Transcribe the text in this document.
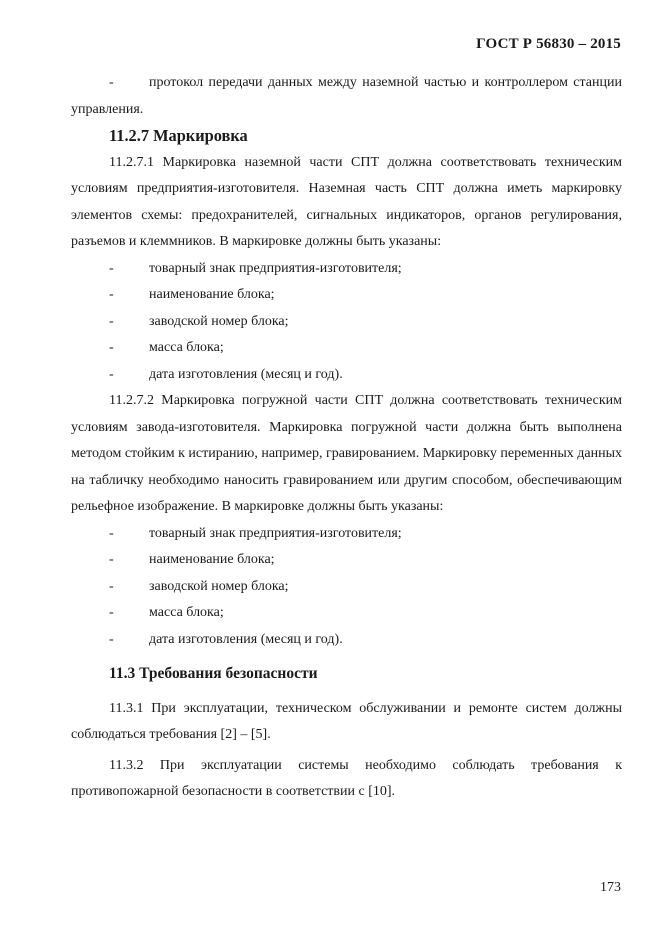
ГОСТ Р 56830 – 2015

-	протокол передачи данных между наземной частью и контроллером станции управления.

11.2.7 Маркировка

11.2.7.1 Маркировка наземной части СПТ должна соответствовать техническим условиям предприятия-изготовителя. Наземная часть СПТ должна иметь маркировку элементов схемы: предохранителей, сигнальных индикаторов, органов регулирования, разъемов и клеммников. В маркировке должны быть указаны:

-	товарный знак предприятия-изготовителя;
-	наименование блока;
-	заводской номер блока;
-	масса блока;
-	дата изготовления (месяц и год).

11.2.7.2 Маркировка погружной части СПТ должна соответствовать техническим условиям завода-изготовителя. Маркировка погружной части должна быть выполнена методом стойким к истиранию, например, гравированием. Маркировку переменных данных на табличку необходимо наносить гравированием или другим способом, обеспечивающим рельефное изображение. В маркировке должны быть указаны:

-	товарный знак предприятия-изготовителя;
-	наименование блока;
-	заводской номер блока;
-	масса блока;
-	дата изготовления (месяц и год).
11.3 Требования безопасности

11.3.1 При эксплуатации, техническом обслуживании и ремонте систем должны соблюдаться требования [2] – [5].

11.3.2 При эксплуатации системы необходимо соблюдать требования к противопожарной безопасности в соответствии с [10].

173
